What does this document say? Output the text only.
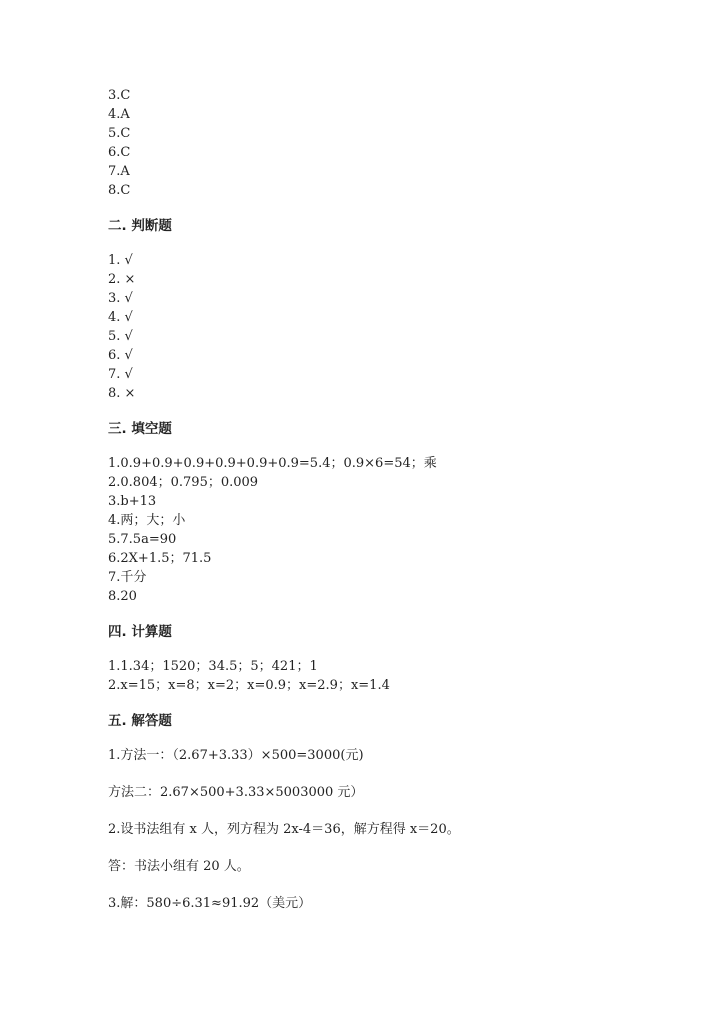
3.C
4.A
5.C
6.C
7.A
8.C
二. 判断题
1. √
2. ×
3. √
4. √
5. √
6. √
7. √
8. ×
三. 填空题
1.0.9+0.9+0.9+0.9+0.9+0.9=5.4；0.9×6=54；乘
2.0.804；0.795；0.009
3.b+13
4.两；大；小
5.7.5a=90
6.2X+1.5；71.5
7.千分
8.20
四. 计算题
1.1.34；1520；34.5；5；421；1
2.x=15；x=8；x=2；x=0.9；x=2.9；x=1.4
五. 解答题
1.方法一：（2.67+3.33）×500=3000(元)
方法二：2.67×500+3.33×5003000 元）
2.设书法组有 x 人，列方程为 2x-4＝36，解方程得 x＝20。
答：书法小组有 20 人。
3.解：580÷6.31≈91.92（美元）
